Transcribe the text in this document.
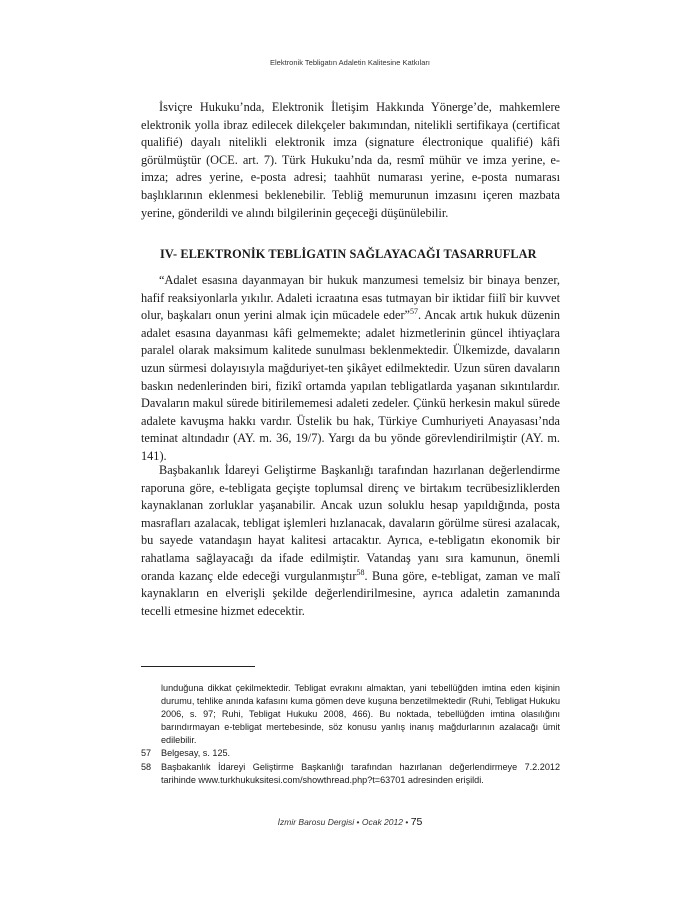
Elektronik Tebligatın Adaletin Kalitesine Katkıları

İsviçre Hukuku’nda, Elektronik İletişim Hakkında Yönerge’de, mahkemlere elektronik yolla ibraz edilecek dilekçeler bakımından, nitelikli sertifikaya (certificat qualifié) dayalı nitelikli elektronik imza (signature électronique qualifié) kâfi görülmüştür (OCE. art. 7). Türk Hukuku’nda da, resmî mühür ve imza yerine, e-imza; adres yerine, e-posta adresi; taahhüt numarası yerine, e-posta numarası başlıklarının eklenmesi beklenebilir. Tebliğ memurunun imzasını içeren mazbata yerine, gönderildi ve alındı bilgilerinin geçeceği düşünülebilir.

IV- ELEKTRONİK TEBLİGATIN SAĞLAYACAĞI TASARRUFLAR

“Adalet esasına dayanmayan bir hukuk manzumesi temelsiz bir binaya benzer, hafif reaksiyonlarla yıkılır. Adaleti icraatına esas tutmayan bir iktidar fiilî bir kuvvet olur, başkaları onun yerini almak için mücadele eder”$^{57}$. Ancak artık hukuk düzenin adalet esasına dayanması kâfi gelmemekte; adalet hizmetlerinin güncel ihtiyaçlara paralel olarak maksimum kalitede sunulması beklenmektedir. Ülkemizde, davaların uzun sürmesi dolayısıyla mağduriyet-ten şikâyet edilmektedir. Uzun süren davaların baskın nedenlerinden biri, fizikî ortamda yapılan tebligatlarda yaşanan sıkıntılardır. Davaların makul sürede bitirilememesi adaleti zedeler. Çünkü herkesin makul sürede adalete kavuşma hakkı vardır. Üstelik bu hak, Türkiye Cumhuriyeti Anayasası’nda teminat altındadır (AY. m. 36, 19/7). Yargı da bu yönde görevlendirilmiştir (AY. m. 141).

Başbakanlık İdareyi Geliştirme Başkanlığı tarafından hazırlanan değerlendirme raporuna göre, e-tebligata geçişte toplumsal direnç ve birtakım tecrübesizliklerden kaynaklanan zorluklar yaşanabilir. Ancak uzun soluklu hesap yapıldığında, posta masrafları azalacak, tebligat işlemleri hızlanacak, davaların görülme süresi azalacak, bu sayede vatandaşın hayat kalitesi artacaktır. Ayrıca, e-tebligatın ekonomik bir rahatlama sağlayacağı da ifade edilmiştir. Vatandaş yanı sıra kamunun, önemli oranda kazanç elde edeceği vurgulanmıştır$^{58}$. Buna göre, e-tebligat, zaman ve malî kaynakların en elverişli şekilde değerlendirilmesine, ayrıca adaletin zamanında tecelli etmesine hizmet edecektir.

lunduğuna dikkat çekilmektedir. Tebligat evrakını almaktan, yani tebellüğden imtina eden kişinin durumu, tehlike anında kafasını kuma gömen deve kuşuna benzetilmektedir (Ruhi, Tebligat Hukuku 2006, s. 97; Ruhi, Tebligat Hukuku 2008, 466). Bu noktada, tebellüğden imtina olasılığını barındırmayan e-tebligat mertebesinde, söz konusu yanlış inanış mağdurlarının azalacağı ümit edilebilir.
57	Belgesay, s. 125.
58	Başbakanlık İdareyi Geliştirme Başkanlığı tarafından hazırlanan değerlendirmeye 7.2.2012 tarihinde www.turkhukuksitesi.com/showthread.php?t=63701 adresinden erişildi.
İzmir Barosu Dergisi • Ocak 2012 • 75
